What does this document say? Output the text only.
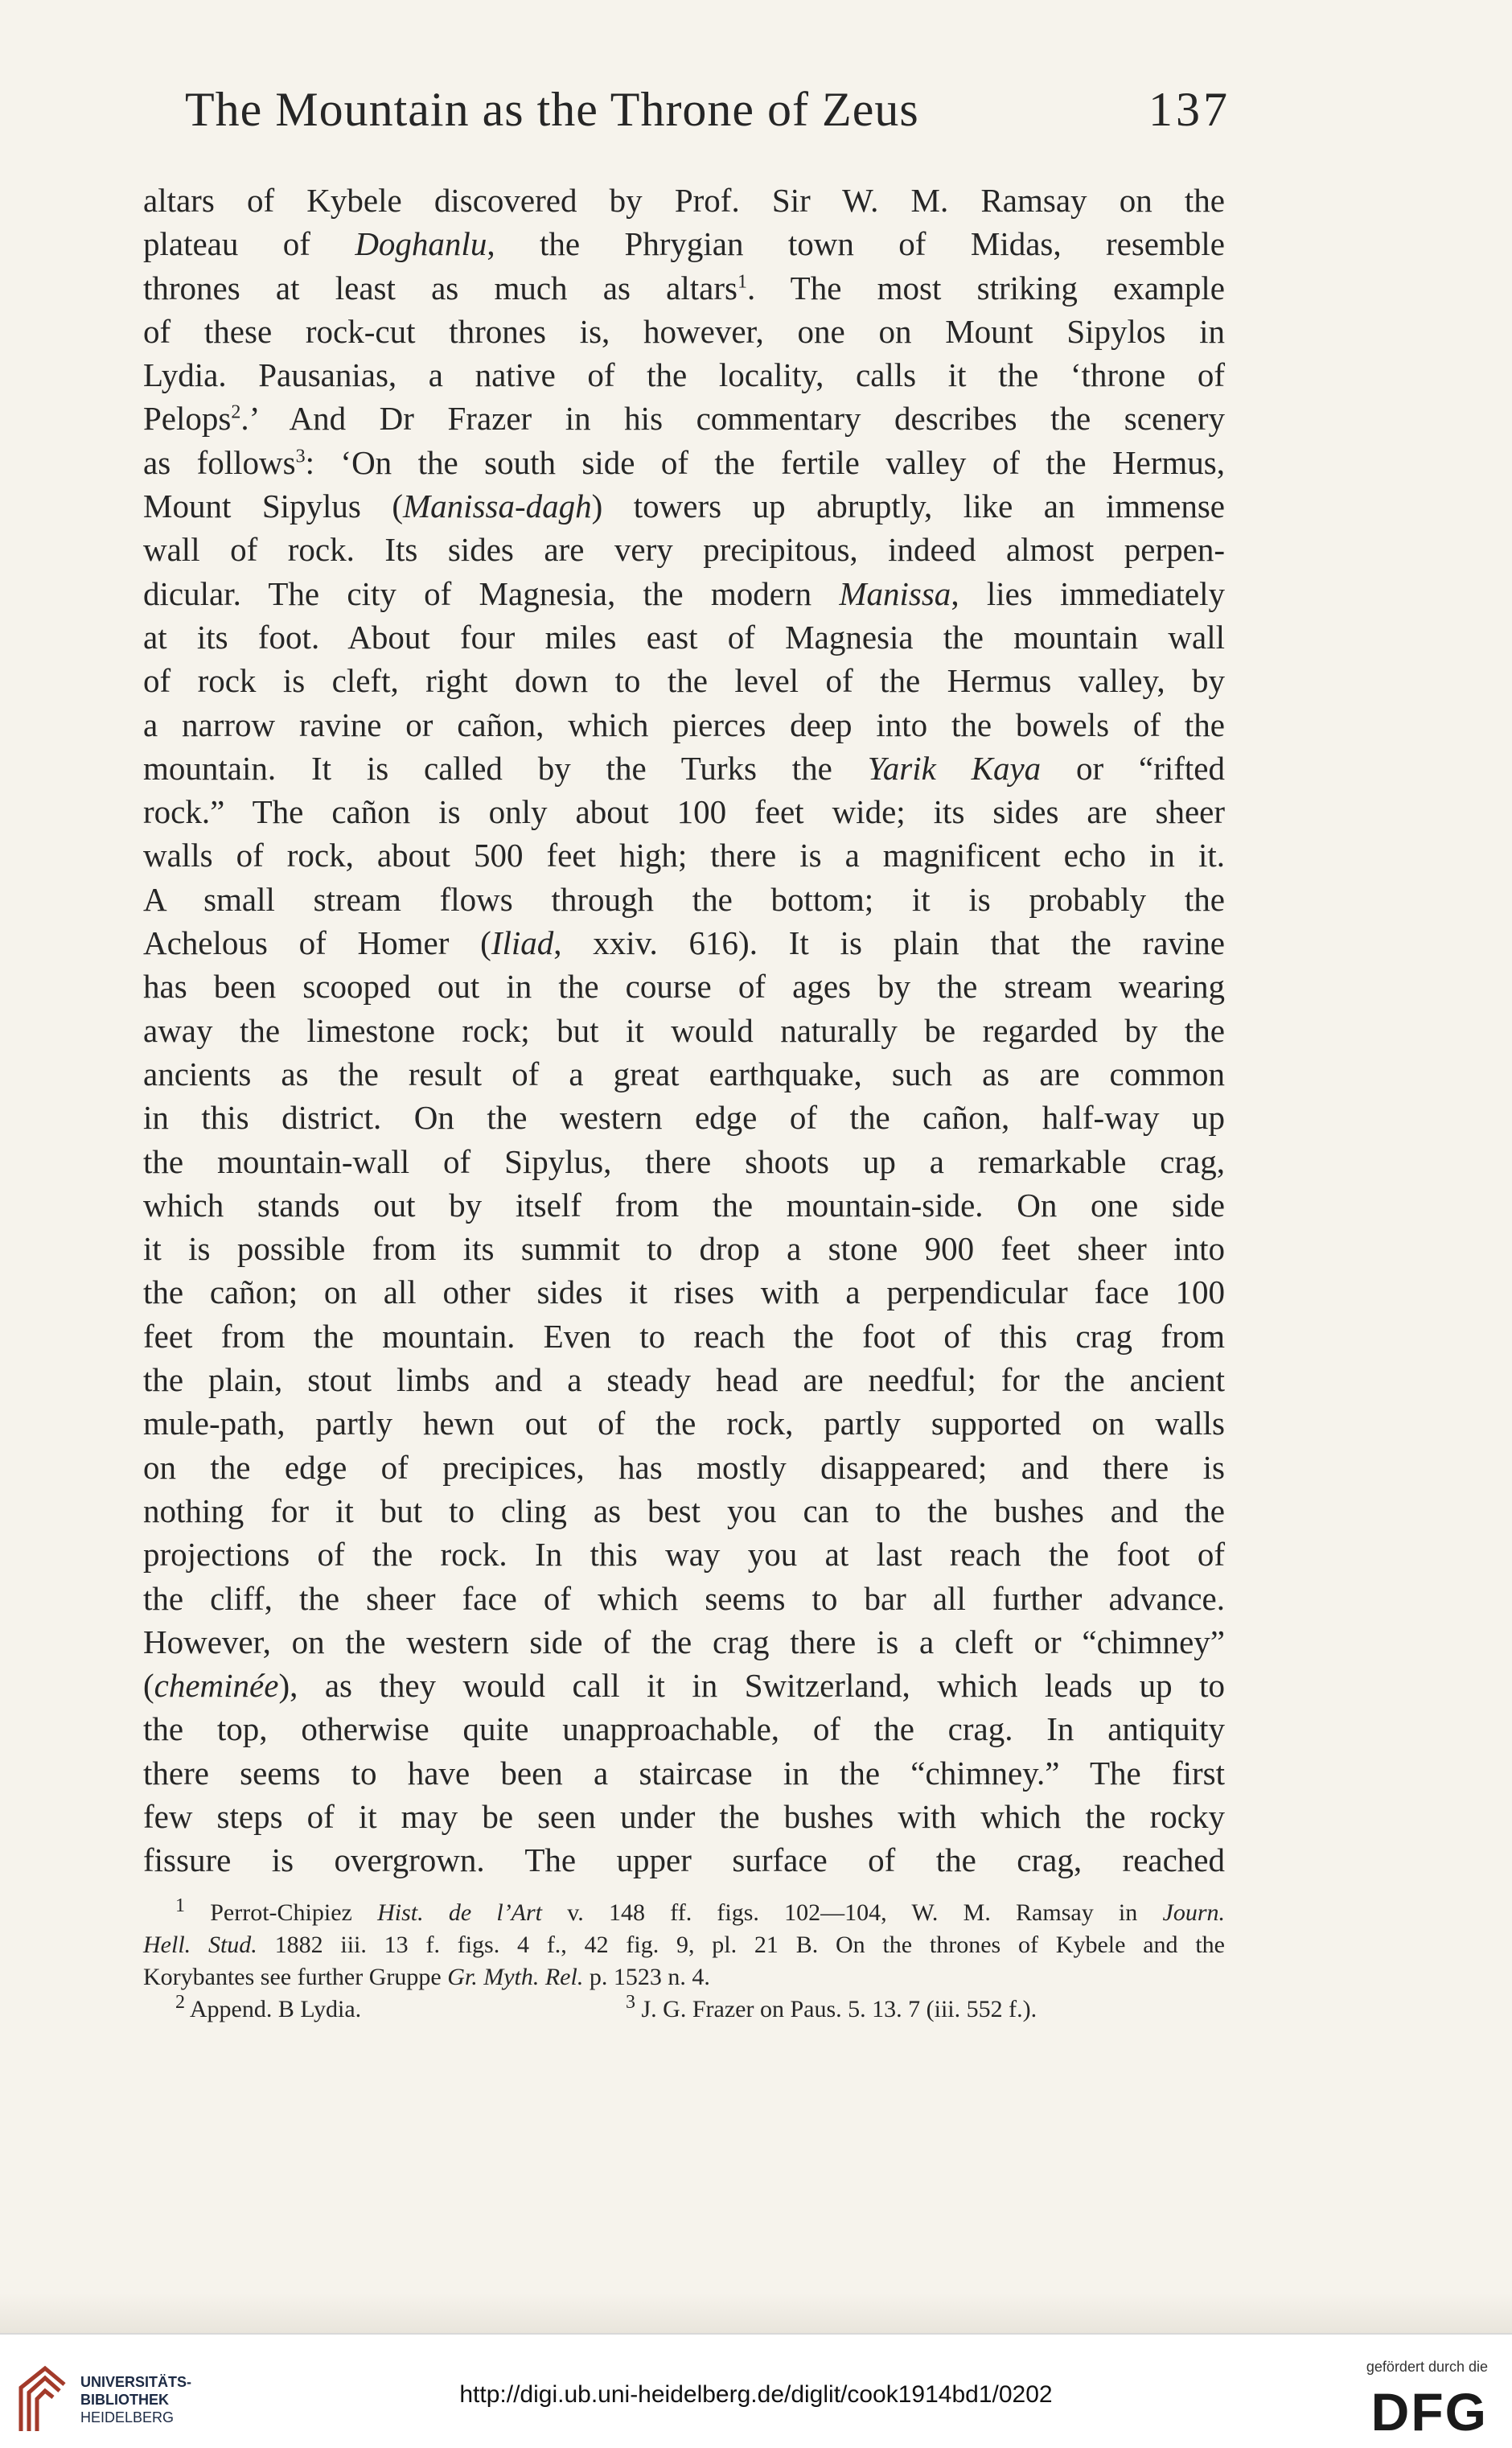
The Mountain as the Throne of Zeus	137
altars of Kybele discovered by Prof. Sir W. M. Ramsay on the
plateau of Doghanlu, the Phrygian town of Midas, resemble
thrones at least as much as altars$^1$. The most striking example
of these rock-cut thrones is, however, one on Mount Sipylos in
Lydia. Pausanias, a native of the locality, calls it the ‘throne of
Pelops$^2$.’ And Dr Frazer in his commentary describes the scenery
as follows$^3$: ‘On the south side of the fertile valley of the Hermus,
Mount Sipylus (Manissa-dagh) towers up abruptly, like an immense
wall of rock. Its sides are very precipitous, indeed almost perpen-
dicular. The city of Magnesia, the modern Manissa, lies immediately
at its foot. About four miles east of Magnesia the mountain wall
of rock is cleft, right down to the level of the Hermus valley, by
a narrow ravine or cañon, which pierces deep into the bowels of the
mountain. It is called by the Turks the Yarik Kaya or “rifted
rock.” The cañon is only about 100 feet wide; its sides are sheer
walls of rock, about 500 feet high; there is a magnificent echo in it.
A small stream flows through the bottom; it is probably the
Achelous of Homer (Iliad, xxiv. 616). It is plain that the ravine
has been scooped out in the course of ages by the stream wearing
away the limestone rock; but it would naturally be regarded by the
ancients as the result of a great earthquake, such as are common
in this district. On the western edge of the cañon, half-way up
the mountain-wall of Sipylus, there shoots up a remarkable crag,
which stands out by itself from the mountain-side. On one side
it is possible from its summit to drop a stone 900 feet sheer into
the cañon; on all other sides it rises with a perpendicular face 100
feet from the mountain. Even to reach the foot of this crag from
the plain, stout limbs and a steady head are needful; for the ancient
mule-path, partly hewn out of the rock, partly supported on walls
on the edge of precipices, has mostly disappeared; and there is
nothing for it but to cling as best you can to the bushes and the
projections of the rock. In this way you at last reach the foot of
the cliff, the sheer face of which seems to bar all further advance.
However, on the western side of the crag there is a cleft or “chimney”
(cheminée), as they would call it in Switzerland, which leads up to
the top, otherwise quite unapproachable, of the crag. In antiquity
there seems to have been a staircase in the “chimney.” The first
few steps of it may be seen under the bushes with which the rocky
fissure is overgrown. The upper surface of the crag, reached
$^1$ Perrot-Chipiez Hist. de l’Art v. 148 ff. figs. 102—104, W. M. Ramsay in Journ.
Hell. Stud. 1882 iii. 13 f. figs. 4 f., 42 fig. 9, pl. 21 B. On the thrones of Kybele and the
Korybantes see further Gruppe Gr. Myth. Rel. p. 1523 n. 4.
$^2$ Append. B Lydia.	$^3$ J. G. Frazer on Paus. 5. 13. 7 (iii. 552 f.).
UNIVERSITÄTS-
BIBLIOTHEK
HEIDELBERG
http://digi.ub.uni-heidelberg.de/diglit/cook1914bd1/0202
gefördert durch die
DFG
